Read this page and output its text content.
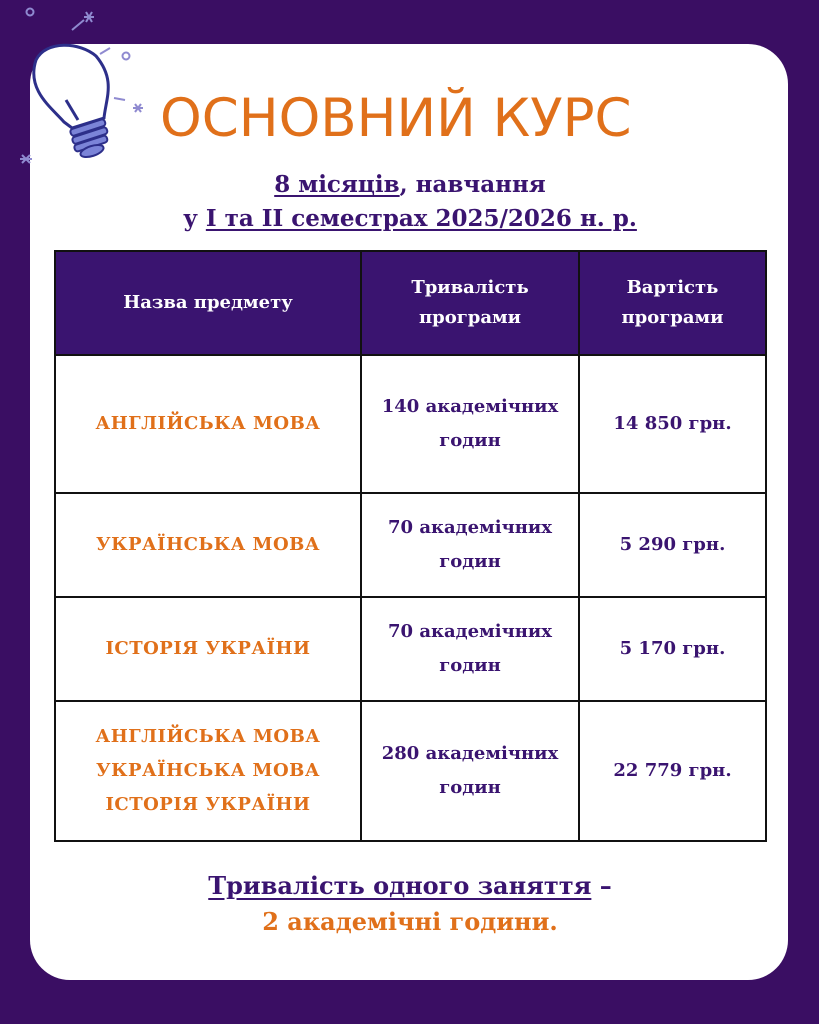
ОСНОВНИЙ КУРС
8 місяців, навчання
у І та ІІ семестрах 2025/2026 н. р.
Назва предмету	Тривалість програми	Вартість програми
АНГЛІЙСЬКА МОВА	140 академічних годин	14 850 грн.
УКРАЇНСЬКА МОВА	70 академічних годин	5 290 грн.
ІСТОРІЯ УКРАЇНИ	70 академічних годин	5 170 грн.
АНГЛІЙСЬКА МОВА УКРАЇНСЬКА МОВА ІСТОРІЯ УКРАЇНИ	280 академічних годин	22 779 грн.
Тривалість одного заняття –
2 академічні години.
